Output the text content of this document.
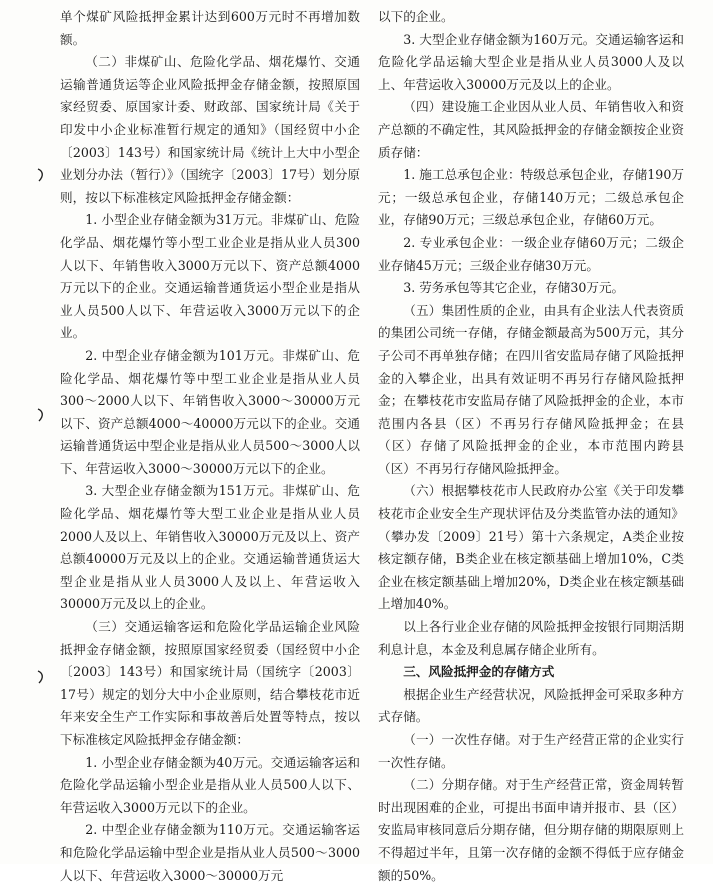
单个煤矿风险抵押金累计达到600万元时不再增加数额。

（二）非煤矿山、危险化学品、烟花爆竹、交通运输普通货运等企业风险抵押金存储金额，按照原国家经贸委、原国家计委、财政部、国家统计局《关于印发中小企业标准暂行规定的通知》（国经贸中小企〔2003〕143号）和国家统计局《统计上大中小型企业划分办法（暂行）》（国统字〔2003〕17号）划分原则，按以下标准核定风险抵押金存储金额：

1. 小型企业存储金额为31万元。非煤矿山、危险化学品、烟花爆竹等小型工业企业是指从业人员300人以下、年销售收入3000万元以下、资产总额4000万元以下的企业。交通运输普通货运小型企业是指从业人员500人以下、年营运收入3000万元以下的企业。

2. 中型企业存储金额为101万元。非煤矿山、危险化学品、烟花爆竹等中型工业企业是指从业人员300～2000人以下、年销售收入3000～30000万元以下、资产总额4000～40000万元以下的企业。交通运输普通货运中型企业是指从业人员500～3000人以下、年营运收入3000～30000万元以下的企业。

3. 大型企业存储金额为151万元。非煤矿山、危险化学品、烟花爆竹等大型工业企业是指从业人员2000人及以上、年销售收入30000万元及以上、资产总额40000万元及以上的企业。交通运输普通货运大型企业是指从业人员3000人及以上、年营运收入30000万元及以上的企业。

（三）交通运输客运和危险化学品运输企业风险抵押金存储金额，按照原国家经贸委（国经贸中小企〔2003〕143号）和国家统计局（国统字〔2003〕17号）规定的划分大中小企业原则，结合攀枝花市近年来安全生产工作实际和事故善后处置等特点，按以下标准核定风险抵押金存储金额：

1. 小型企业存储金额为40万元。交通运输客运和危险化学品运输小型企业是指从业人员500人以下、年营运收入3000万元以下的企业。

2. 中型企业存储金额为110万元。交通运输客运和危险化学品运输中型企业是指从业人员500～3000人以下、年营运收入3000～30000万元

以下的企业。

3. 大型企业存储金额为160万元。交通运输客运和危险化学品运输大型企业是指从业人员3000人及以上、年营运收入30000万元及以上的企业。

（四）建设施工企业因从业人员、年销售收入和资产总额的不确定性，其风险抵押金的存储金额按企业资质存储：

1. 施工总承包企业：特级总承包企业，存储190万元；一级总承包企业，存储140万元；二级总承包企业，存储90万元；三级总承包企业，存储60万元。

2. 专业承包企业：一级企业存储60万元；二级企业存储45万元；三级企业存储30万元。

3. 劳务承包等其它企业，存储30万元。

（五）集团性质的企业，由具有企业法人代表资质的集团公司统一存储，存储金额最高为500万元，其分子公司不再单独存储；在四川省安监局存储了风险抵押金的入攀企业，出具有效证明不再另行存储风险抵押金；在攀枝花市安监局存储了风险抵押金的企业，本市范围内各县（区）不再另行存储风险抵押金；在县（区）存储了风险抵押金的企业，本市范围内跨县（区）不再另行存储风险抵押金。

（六）根据攀枝花市人民政府办公室《关于印发攀枝花市企业安全生产现状评估及分类监管办法的通知》（攀办发〔2009〕21号）第十六条规定，A类企业按核定额存储，B类企业在核定额基础上增加10%，C类企业在核定额基础上增加20%，D类企业在核定额基础上增加40%。

以上各行业企业存储的风险抵押金按银行同期活期利息计息，本金及利息属存储企业所有。

三、风险抵押金的存储方式

根据企业生产经营状况，风险抵押金可采取多种方式存储。

（一）一次性存储。对于生产经营正常的企业实行一次性存储。

（二）分期存储。对于生产经营正常，资金周转暂时出现困难的企业，可提出书面申请并报市、县（区）安监局审核同意后分期存储，但分期存储的期限原则上不得超过半年，且第一次存储的金额不得低于应存储金额的50%。
